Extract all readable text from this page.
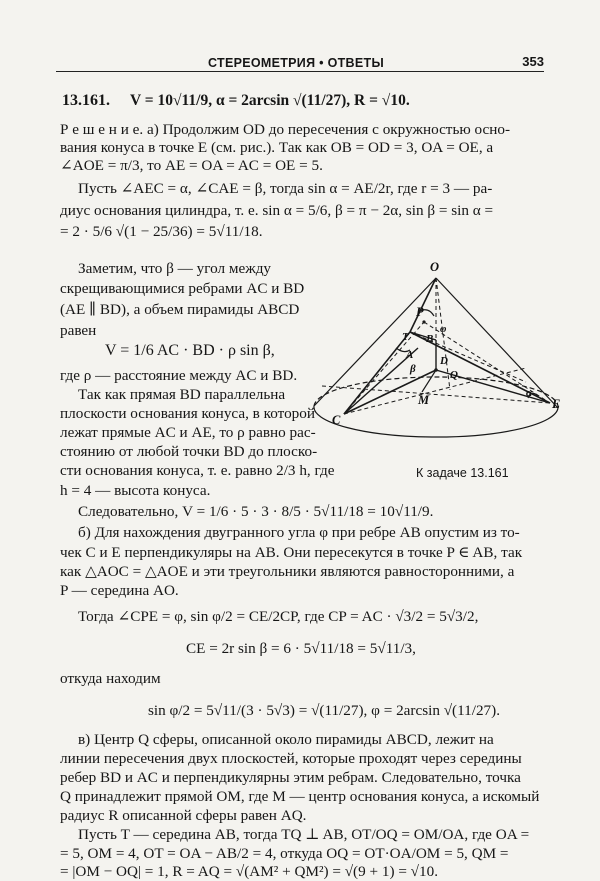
СТЕРЕОМЕТРИЯ • ОТВЕТЫ	353
13.161. V = 10√11/9, α = 2arcsin √(11/27), R = √10.
Р е ш е н и е. а) Продолжим OD до пересечения с окружностью осно-
вания конуса в точке E (см. рис.). Так как OB = OD = 3, OA = OE, а
∠AOE = π/3, то AE = OA = AC = OE = 5.
Пусть ∠AEC = α, ∠CAE = β, тогда sin α = AE/2r, где r = 3 — ра-
диус основания цилиндра, т. е. sin α = 5/6, β = π − 2α, sin β = sin α =
= 2 · 5/6 √(1 − 25/36) = 5√11/18.
Заметим, что β — угол между
скрещивающимися ребрами AC и BD
(AE ∥ BD), а объем пирамиды ABCD
равен
V = 1/6 AC · BD · ρ sin β,
где ρ — расстояние между AC и BD.
Так как прямая BD параллельна
плоскости основания конуса, в которой
лежат прямые AC и AE, то ρ равно рас-
стоянию от любой точки BD до плоско-
сти основания конуса, т. е. равно 2/3 h, где
h = 4 — высота конуса.
Следовательно, V = 1/6 · 5 · 3 · 8/5 · 5√11/18 = 10√11/9.
б) Для нахождения двугранного угла φ при ребре AB опустим из то-
чек C и E перпендикуляры на AB. Они пересекутся в точке P ∈ AB, так
как △AOC = △AOE и эти треугольники являются равносторонними, а
P — середина AO.
Тогда ∠CPE = φ, sin φ/2 = CE/2CP, где CP = AC · √3/2 = 5√3/2,
CE = 2r sin β = 6 · 5√11/18 = 5√11/3,
откуда находим
sin φ/2 = 5√11/(3 · 5√3) = √(11/27), φ = 2arcsin √(11/27).
в) Центр Q сферы, описанной около пирамиды ABCD, лежит на
линии пересечения двух плоскостей, которые проходят через середины
ребер BD и AC и перпендикулярны этим ребрам. Следовательно, точка
Q принадлежит прямой OM, где M — центр основания конуса, а искомый
радиус R описанной сферы равен AQ.
Пусть T — середина AB, тогда TQ ⊥ AB, OT/OQ = OM/OA, где OA =
= 5, OM = 4, OT = OA − AB/2 = 4, откуда OQ = OT·OA/OM = 5, QM =
= |OM − OQ| = 1, R = AQ = √(AM² + QM²) = √(9 + 1) = √10.
O
P
B
φ
T
D
Q
A
β
M	α
E
C
К задаче 13.161
